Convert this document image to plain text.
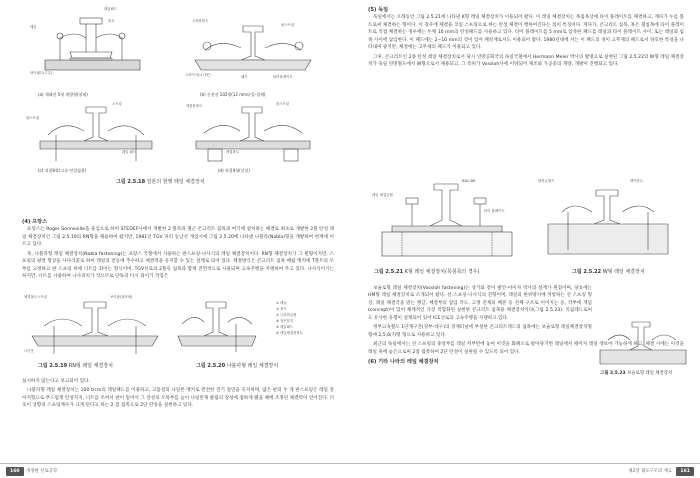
레일패드
볼트
레일
타이패드(고무)
C형용볼트
판스프링
스파이크(나사못)	쐐기	타이플레이트
(a) 재래선 5형 개량형(철제)	(b) 신선선 102형(12 mm타입-철제)
스프링
판스프링
레일 패드
체결용볼트	판스프링
체결볼트
(c) 직결8형(고속·전철겸용)	(d) 직결9형(신설)
그림 2.5.18 일본의 현행 레일 체결장치
(4) 프랑스

프랑스는 Roger Sonneville을 중심으로 하여 STEDEF사에서 개발한 2 블록의 철근 콘크리트 침목과 여기에 설치하는 체결로 최초로 개발한 2블 탄성 레일 체결장치인 그림 2.5.19의 RN형을 채용하여 왔지만, 1981년 TGV 파리 동남선 개업시에 그림 2.5.20에 나타낸 나블라(Nabla)형을 개발하여 현재에 이르고 있다.

즉, 나블라형 레일 체결장치(Nabla fastening)는 프랑스 국철에서 사용하는 판스프링-나사식의 레일 체결장치이다. RN형 체결장치가 그 원형이지만, 스프링의 평면 형상을 사다리꼴로 하여 레일의 전동에 추수하고 체결력을 유지할 수 있는 설계로 되어 있다. 체결방식은 콘크리트 침목 매립 앵커에 T볼트의 두부를 고정하고 판 스프링 위에 너트를 죄이는 형식이며, TGV선로의 2블록 침목과 함께 전면적으로 사용되며 고속주행을 지탱하여 주고 있다. 나사식이기는 하지만, 너트를 사용하여 나사피치가 작으므로 단독의 다시 죄이기 작업은

체결볼트스프링	보이판(절연체)
나사못
① 레일
② 볼트
③ 나블라클립
④ 절연블록
⑤ 레일패드
⑥ 레일체결용볼트
그림 2.5.19 RN형 레일 체결장치	그림 2.5.20 나블라형 레일 체결장치

실시하지 않는다고 보고되어 있다.

나블라형 레일 체결장치는 100 t/cm의 레일패드를 이용하고, 고품질의 나일론 앵커로 완전한 전기 절연을 유지하며, 얇은 판의 두 개 판스프링은 레일 강아지형으로 부드럽게 탄성지지, 너트를 조여서 판이 밀어서 그 강성의 오목부를 높이 나일론제 클립의 강성에 접하게 됐을 때에 조정된 체결력이 얻어진다. 더욱이 상향의 스프링계수가 크게 된다고 하는 2 점 접촉으로 2단 탄성을 실현하고 있다.

(5) 독일

독일에서는 오래동안 그림 2.5.21에 나타낸 K형 레일 체결장치가 이용되어 왔다. 이 레일 체결장치는 목침목상에 타이 플레이트를 체결하고, 게다가 누름 볼트로써 체결하는 형이다. 이 경우에 체결용 코일 스프링으로 하는 탄성 체결이 행하여진다는 점이 특징이다. 게다가, 콘크리트 침목, 혹은 철침목에 타이 플레이트로 직접 체결하는 경우에는 두께 10 mm의 탄성패드를 사용하고 있다. 타이 플레이트를 5 mm로 압축한 패드를 레일과 타이 플레이트 사이, 또는 레일과 침목 사이에 삽입한다. 이 패드에는 2~10 mm의 것이 있어 패킹재로서도 이용되어 왔다. 1980년대에 서는 이 패드의 경이 고무제의 패드로서 양호한 특성을 나타내며 광지만, 체결에는 고무제의 패드가 이용되고 있다.

그후, 콘크리트인 2종 탄성 레일 체결장치로서 당시 연방공화국의 독일국철에서 Hermann Meier 박사의 발명으로 실현된 그림 2.5.22의 W형 레일 체결장치가 독일 연방철도에서 W형으로서 채용되고, 그 특허가 Vossloh사에 이양되어 제조와 가공중의 개량, 개발이 진행되고 있다.

RAIL B8
레일 체결클립
타이 플레이트
텐션클램프	앵커볼트
그림 2.5.21 K형 레일 체결장치(목침목의 경우)	그림 2.5.22 W형 레일 체결장치

보슬로형 레일 체결장치(Vossloh fastening)는 상기와 같이 발안-아이자 박사의 설계가 원점이며, 당초에는 HM형 레일 체결장치로 소개되어 왔다. 선 스프링-나사식의 전형이며, 레일의 변위방지에 저항하는 선 스프링 형상, 레일 체결각을 받는 앵글, 체결부의 삽입 각도, 고정 전제의 배분 등 전체 구조로 이어지는 등, 각부에 개념(concept)이 있어 체계적인 가장 적합화된 실현한 콘크리트 침목용 체결장치이다(그림 2.5.23). 지침레드로써도 유사한 유형이 설계되어 있어 ICE선로의 고속주행을 지탱하고 있다.

정부고속철도 1단계구간(경부-대구)의 경제터널에 부설한 콘크리트레드의 침목에는 보슬로형 레일체결장치형 형에 2,5,6(?)형 형으로 사용하고 있다.

최근의 독일에서는 선 스프링의 중앙부를 레일 저부면에 놓여 이것을 화해오로 팔아당기면 레일에서 떼어져 레일 캥보아 가능하게 하고, 체결 시에는 이것을 레일 위에 놓은으로써 2점 접촉하여 2단 탄성이 실현될 수 있도록 되어 있다.

(6) 기타 나라의 레일 체결장치
그림 2.5.23 보슬로형 레일 체결장치
160	개정판 선로공학	제2장 궤도구조의 재료	161
